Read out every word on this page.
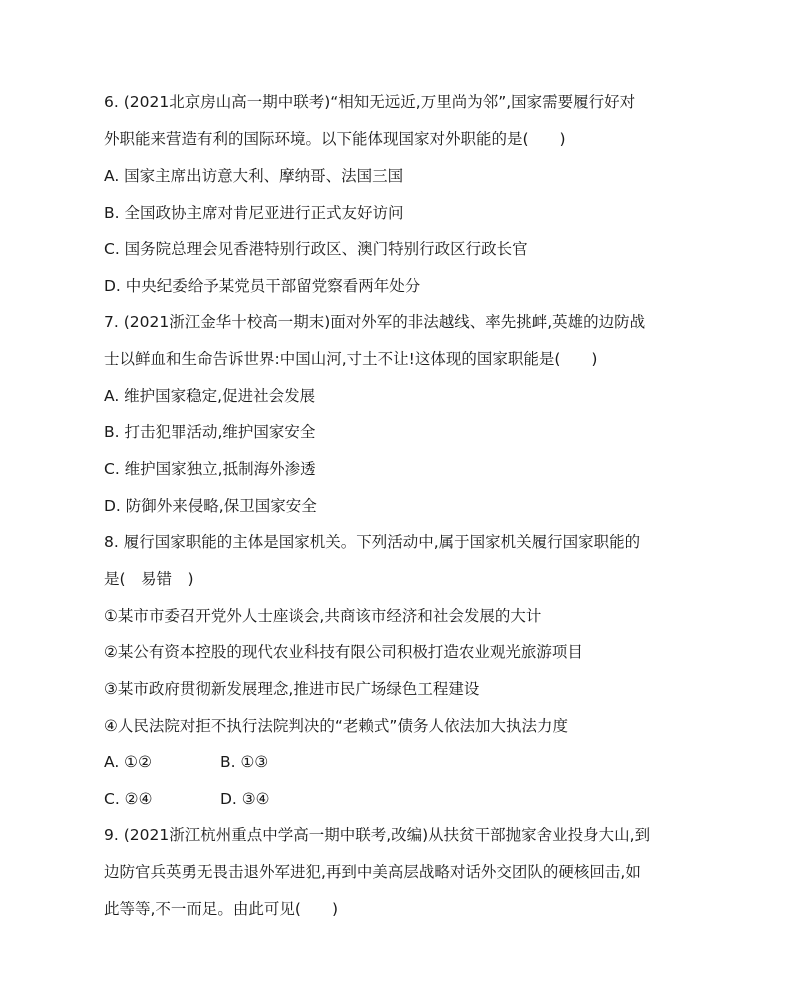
6. (2021北京房山高一期中联考)“相知无远近,万里尚为邻”,国家需要履行好对
外职能来营造有利的国际环境。以下能体现国家对外职能的是(　　)
A. 国家主席出访意大利、摩纳哥、法国三国
B. 全国政协主席对肯尼亚进行正式友好访问
C. 国务院总理会见香港特别行政区、澳门特别行政区行政长官
D. 中央纪委给予某党员干部留党察看两年处分
7. (2021浙江金华十校高一期末)面对外军的非法越线、率先挑衅,英雄的边防战
士以鲜血和生命告诉世界:中国山河,寸土不让!这体现的国家职能是(　　)
A. 维护国家稳定,促进社会发展
B. 打击犯罪活动,维护国家安全
C. 维护国家独立,抵制海外渗透
D. 防御外来侵略,保卫国家安全
8. 履行国家职能的主体是国家机关。下列活动中,属于国家机关履行国家职能的
是(　易错　)
①某市市委召开党外人士座谈会,共商该市经济和社会发展的大计
②某公有资本控股的现代农业科技有限公司积极打造农业观光旅游项目
③某市政府贯彻新发展理念,推进市民广场绿色工程建设
④人民法院对拒不执行法院判决的“老赖式”债务人依法加大执法力度
A. ①②	B. ①③
C. ②④	D. ③④
9. (2021浙江杭州重点中学高一期中联考,改编)从扶贫干部抛家舍业投身大山,到
边防官兵英勇无畏击退外军进犯,再到中美高层战略对话外交团队的硬核回击,如
此等等,不一而足。由此可见(　　)
